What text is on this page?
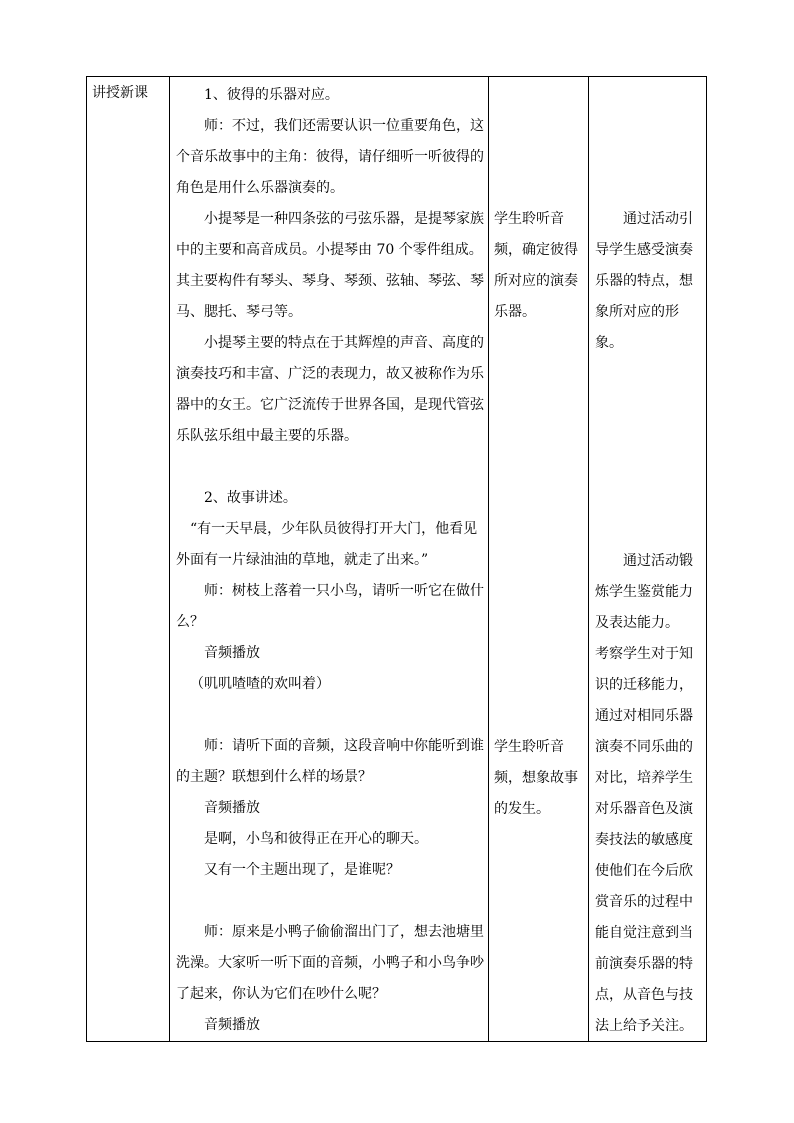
讲授新课	1、彼得的乐器对应。

师：不过，我们还需要认识一位重要角色，这个音乐故事中的主角：彼得，请仔细听一听彼得的角色是用什么乐器演奏的。

小提琴是一种四条弦的弓弦乐器，是提琴家族中的主要和高音成员。小提琴由 70 个零件组成。其主要构件有琴头、琴身、琴颈、弦轴、琴弦、琴马、腮托、琴弓等。

小提琴主要的特点在于其辉煌的声音、高度的演奏技巧和丰富、广泛的表现力，故又被称作为乐器中的女王。它广泛流传于世界各国，是现代管弦乐队弦乐组中最主要的乐器。

2、故事讲述。

“有一天早晨，少年队员彼得打开大门，他看见外面有一片绿油油的草地，就走了出来。”

师：树枝上落着一只小鸟，请听一听它在做什么？

音频播放

（叽叽喳喳的欢叫着）

师：请听下面的音频，这段音响中你能听到谁的主题？联想到什么样的场景？

音频播放

是啊，小鸟和彼得正在开心的聊天。

又有一个主题出现了，是谁呢？

师：原来是小鸭子偷偷溜出门了，想去池塘里洗澡。大家听一听下面的音频，小鸭子和小鸟争吵了起来，你认为它们在吵什么呢？

音频播放

学生聆听音频，确定彼得所对应的演奏乐器。

学生聆听音频，想象故事的发生。

通过活动引导学生感受演奏乐器的特点，想象所对应的形象。

通过活动锻炼学生鉴赏能力及表达能力。

考察学生对于知识的迁移能力，

通过对相同乐器演奏不同乐曲的对比，培养学生对乐器音色及演奏技法的敏感度使他们在今后欣赏音乐的过程中能自觉注意到当前演奏乐器的特点，从音色与技法上给予关注。
